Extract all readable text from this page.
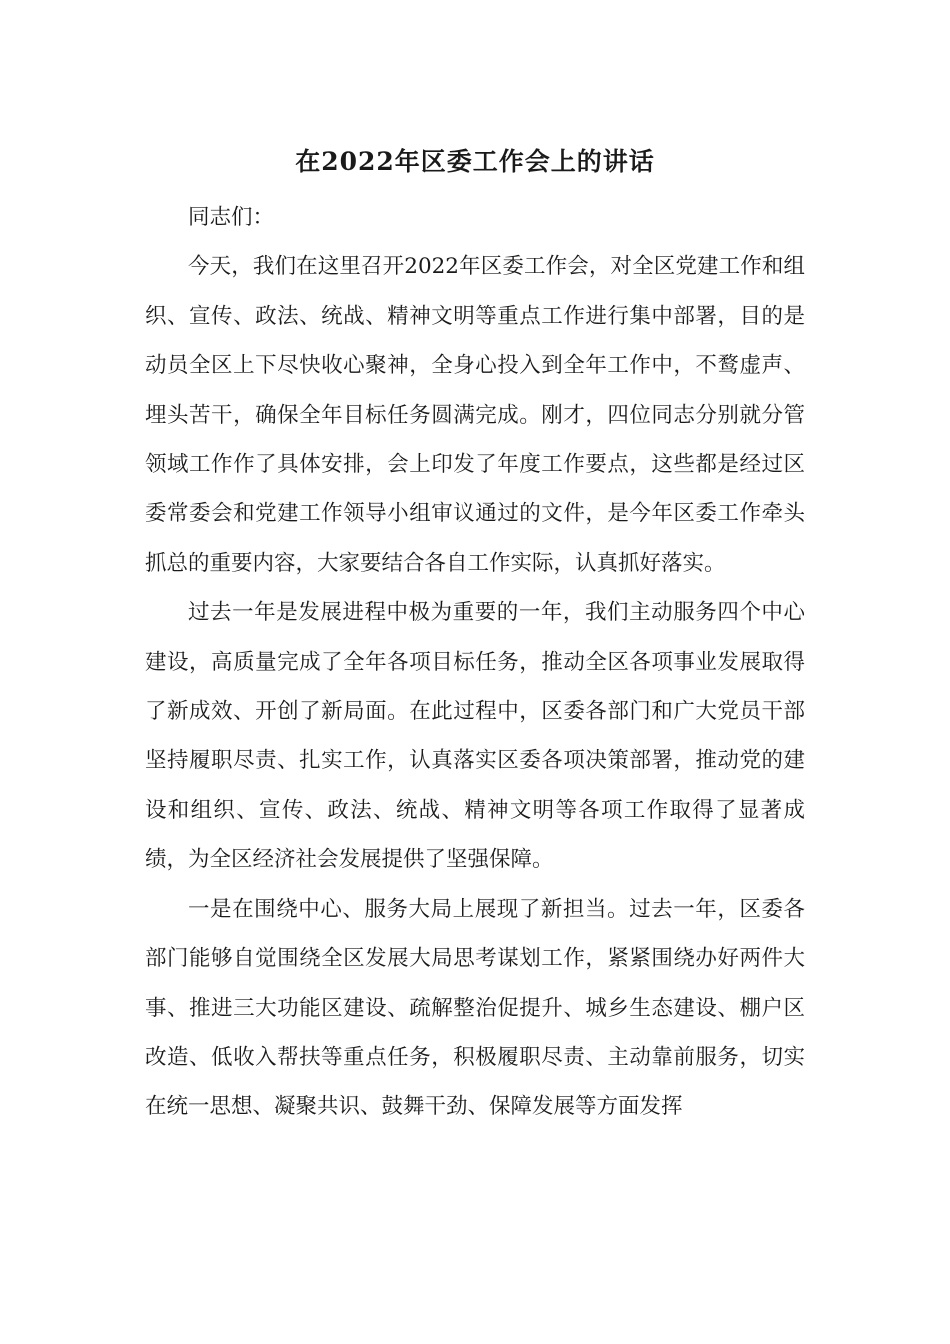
在2022年区委工作会上的讲话

同志们：

今天，我们在这里召开2022年区委工作会，对全区党建工作和组织、宣传、政法、统战、精神文明等重点工作进行集中部署，目的是动员全区上下尽快收心聚神，全身心投入到全年工作中，不鹜虚声、埋头苦干，确保全年目标任务圆满完成。刚才，四位同志分别就分管领域工作作了具体安排，会上印发了年度工作要点，这些都是经过区委常委会和党建工作领导小组审议通过的文件，是今年区委工作牵头抓总的重要内容，大家要结合各自工作实际，认真抓好落实。

过去一年是发展进程中极为重要的一年，我们主动服务四个中心建设，高质量完成了全年各项目标任务，推动全区各项事业发展取得了新成效、开创了新局面。在此过程中，区委各部门和广大党员干部坚持履职尽责、扎实工作，认真落实区委各项决策部署，推动党的建设和组织、宣传、政法、统战、精神文明等各项工作取得了显著成绩，为全区经济社会发展提供了坚强保障。

一是在围绕中心、服务大局上展现了新担当。过去一年，区委各部门能够自觉围绕全区发展大局思考谋划工作，紧紧围绕办好两件大事、推进三大功能区建设、疏解整治促提升、城乡生态建设、棚户区改造、低收入帮扶等重点任务，积极履职尽责、主动靠前服务，切实在统一思想、凝聚共识、鼓舞干劲、保障发展等方面发挥
